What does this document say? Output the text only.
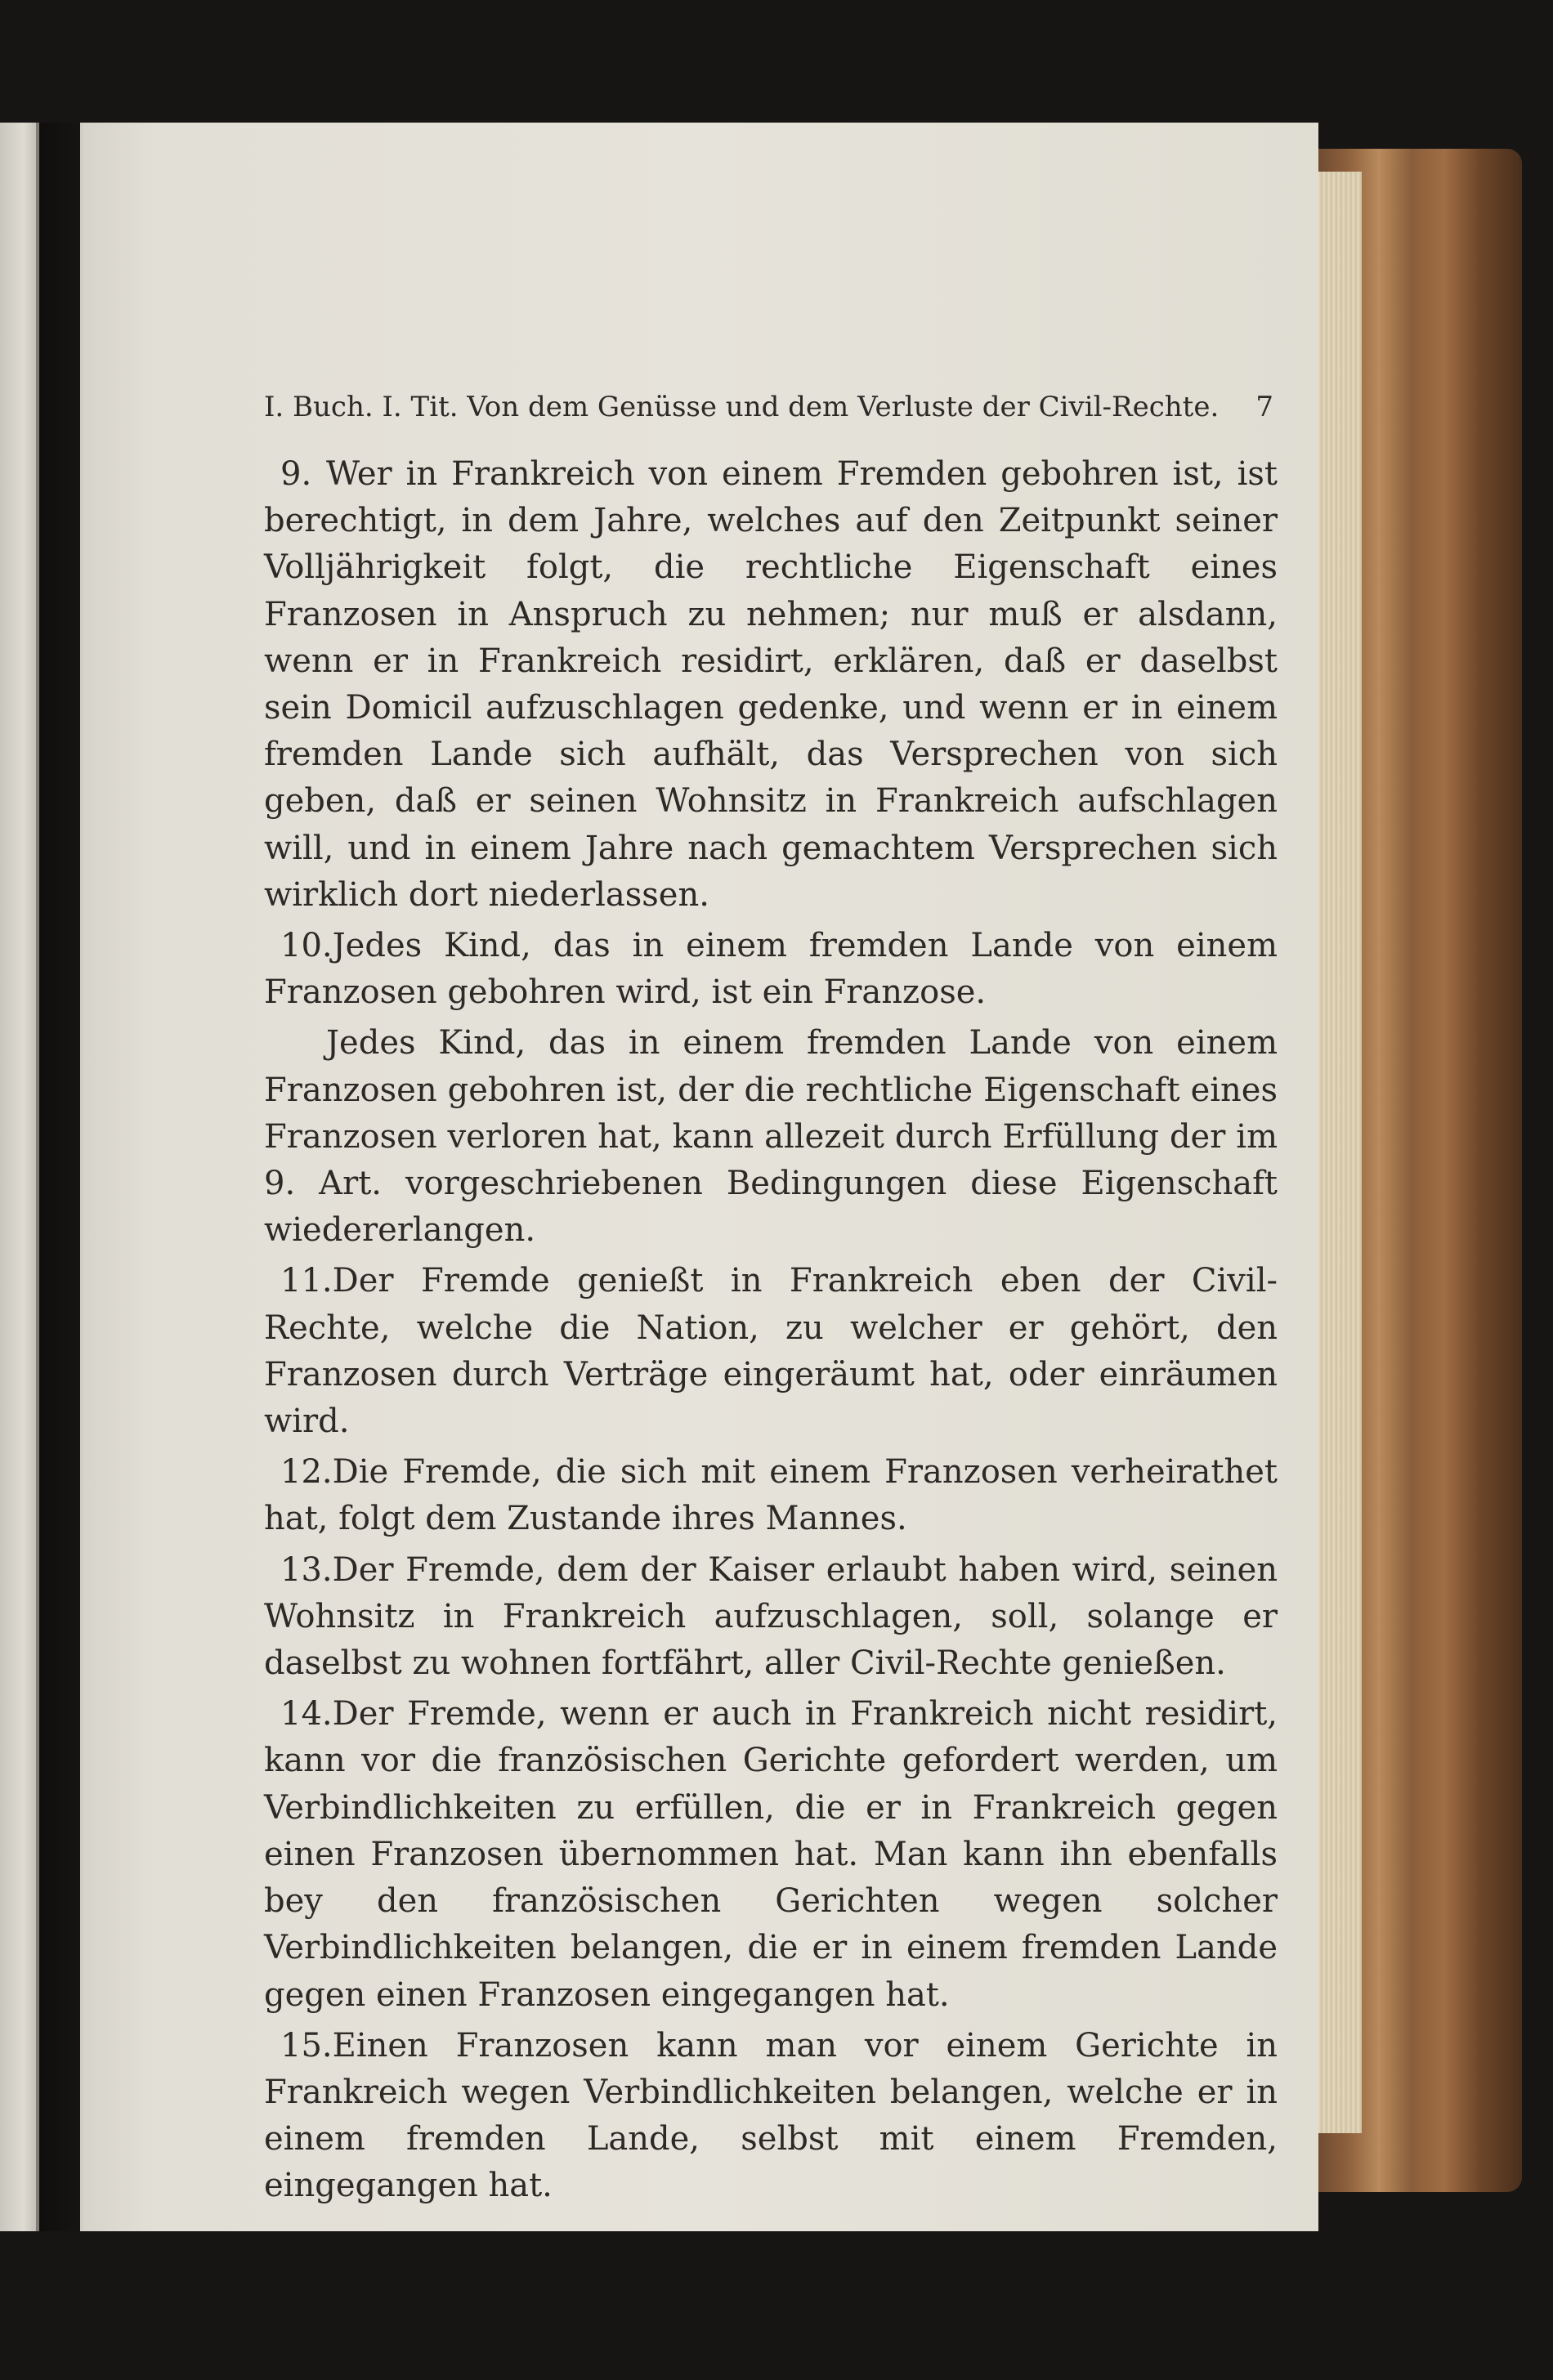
I. Buch. I. Tit. Von dem Genüsse und dem Verluste der Civil-Rechte. 7

9. Wer in Frankreich von einem Fremden gebohren ist, ist berechtigt, in dem Jahre, welches auf den Zeitpunkt seiner Volljährigkeit folgt, die rechtliche Eigenschaft eines Franzosen in Anspruch zu nehmen; nur muß er alsdann, wenn er in Frankreich residirt, erklären, daß er daselbst sein Domicil aufzuschlagen gedenke, und wenn er in einem fremden Lande sich aufhält, das Versprechen von sich geben, daß er seinen Wohnsitz in Frankreich aufschlagen will, und in einem Jahre nach gemachtem Versprechen sich wirklich dort niederlassen.

10.Jedes Kind, das in einem fremden Lande von einem Franzosen gebohren wird, ist ein Franzose.

Jedes Kind, das in einem fremden Lande von einem Franzosen gebohren ist, der die rechtliche Eigenschaft eines Franzosen verloren hat, kann allezeit durch Erfüllung der im 9. Art. vorgeschriebenen Bedingungen diese Eigenschaft wiedererlangen.

11.Der Fremde genießt in Frankreich eben der Civil-Rechte, welche die Nation, zu welcher er gehört, den Franzosen durch Verträge eingeräumt hat, oder einräumen wird.

12.Die Fremde, die sich mit einem Franzosen verheirathet hat, folgt dem Zustande ihres Mannes.

13.Der Fremde, dem der Kaiser erlaubt haben wird, seinen Wohnsitz in Frankreich aufzuschlagen, soll, solange er daselbst zu wohnen fortfährt, aller Civil-Rechte genießen.

14.Der Fremde, wenn er auch in Frankreich nicht residirt, kann vor die französischen Gerichte gefordert werden, um Verbindlichkeiten zu erfüllen, die er in Frankreich gegen einen Franzosen übernommen hat. Man kann ihn ebenfalls bey den französischen Gerichten wegen solcher Verbindlichkeiten belangen, die er in einem fremden Lande gegen einen Franzosen eingegangen hat.

15.Einen Franzosen kann man vor einem Gerichte in Frankreich wegen Verbindlichkeiten belangen, welche er in einem fremden Lande, selbst mit einem Fremden, eingegangen hat.
